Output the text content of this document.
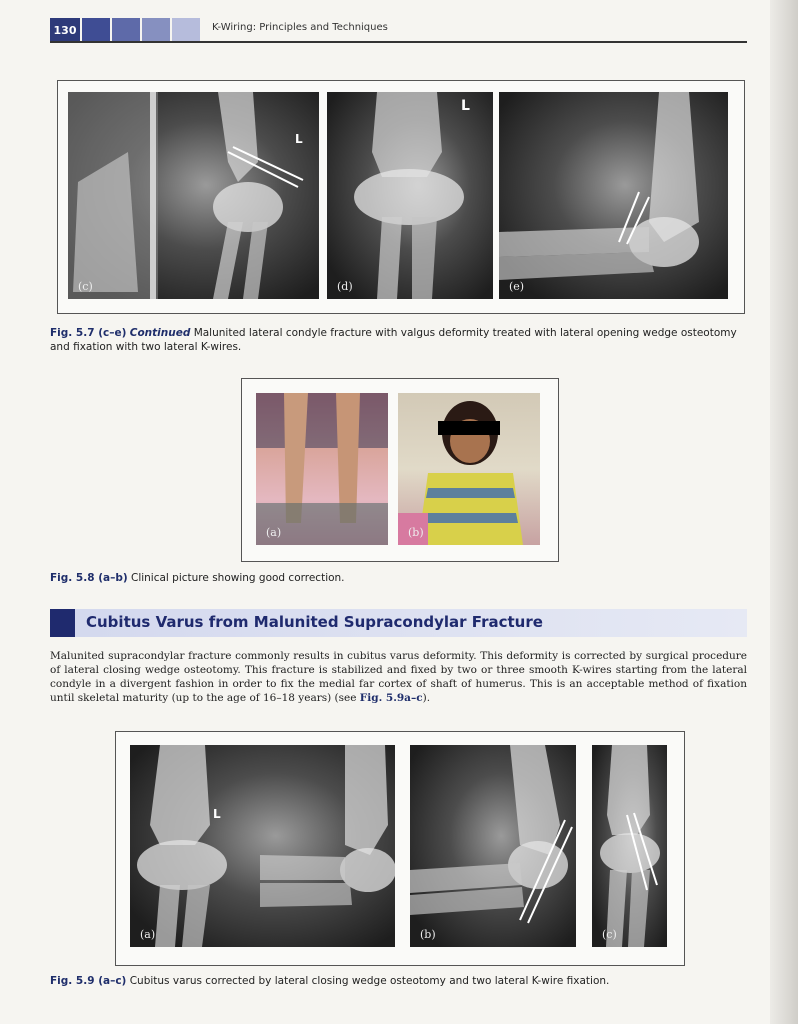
130	K-Wiring: Principles and Techniques
L
(c)
L
(d)	(e)
Fig. 5.7 (c–e) Continued Malunited lateral condyle fracture with valgus deformity treated with lateral opening wedge osteotomy and fixation with two lateral K-wires.
(a)	(b)
Fig. 5.8 (a–b) Clinical picture showing good correction.
Cubitus Varus from Malunited Supracondylar Fracture
Malunited supracondylar fracture commonly results in cubitus varus deformity. This deformity is corrected by surgical procedure of lateral closing wedge osteotomy. This fracture is stabilized and fixed by two or three smooth K-wires starting from the lateral condyle in a divergent fashion in order to fix the medial far cortex of shaft of humerus. This is an acceptable method of fixation until skeletal maturity (up to the age of 16–18 years) (see Fig. 5.9a–c).
L
(a)	(b)	(c)
Fig. 5.9 (a–c) Cubitus varus corrected by lateral closing wedge osteotomy and two lateral K-wire fixation.
